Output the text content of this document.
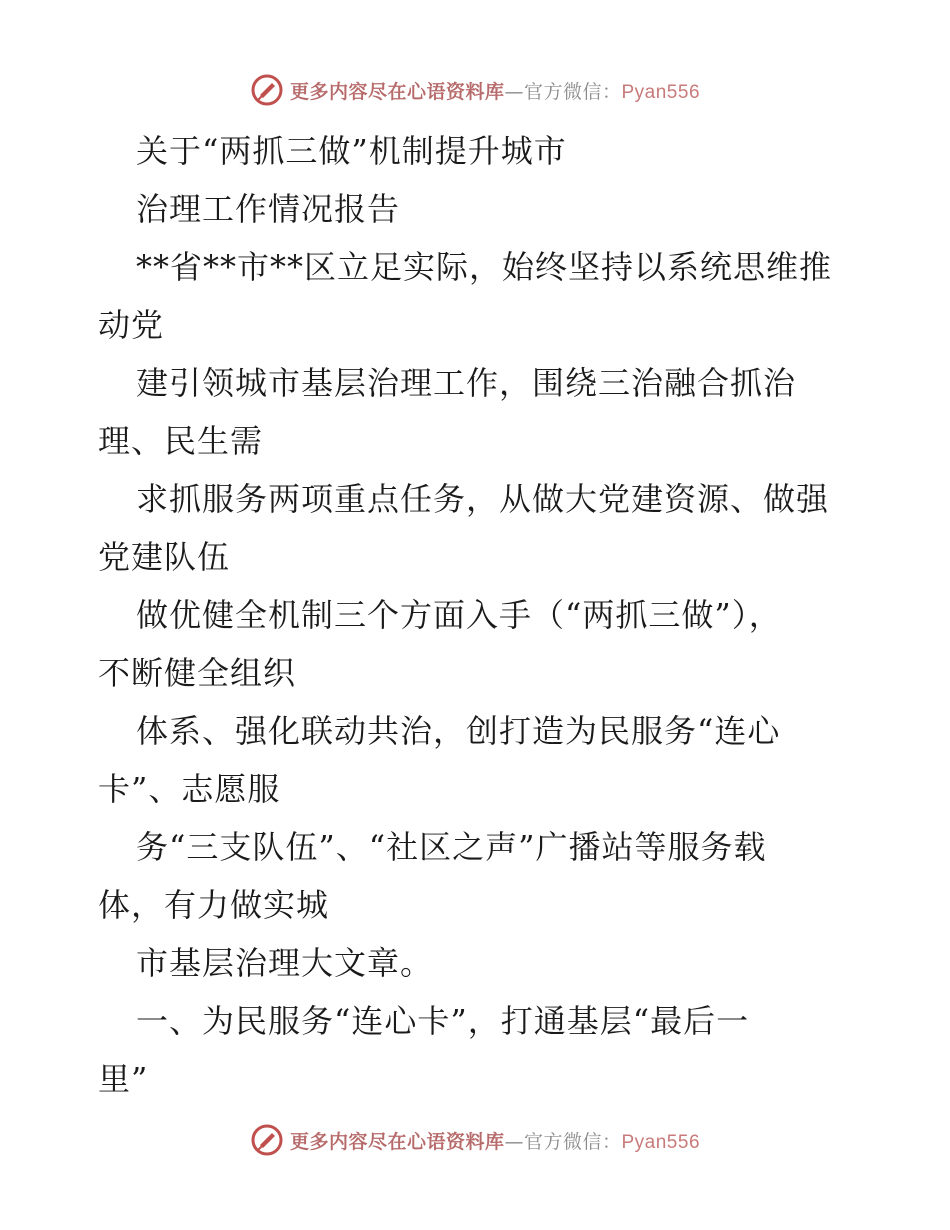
更多内容尽在心语资料库—官方微信：Pyan556
关于“两抓三做”机制提升城市
治理工作情况报告
**省**市**区立足实际，始终坚持以系统思维推
动党
建引领城市基层治理工作，围绕三治融合抓治
理、民生需
求抓服务两项重点任务，从做大党建资源、做强
党建队伍
做优健全机制三个方面入手（“两抓三做”），
不断健全组织
体系、强化联动共治，创打造为民服务“连心
卡”、志愿服
务“三支队伍”、“社区之声”广播站等服务载
体，有力做实城
市基层治理大文章。
一、为民服务“连心卡”，打通基层“最后一
里”
更多内容尽在心语资料库—官方微信：Pyan556
